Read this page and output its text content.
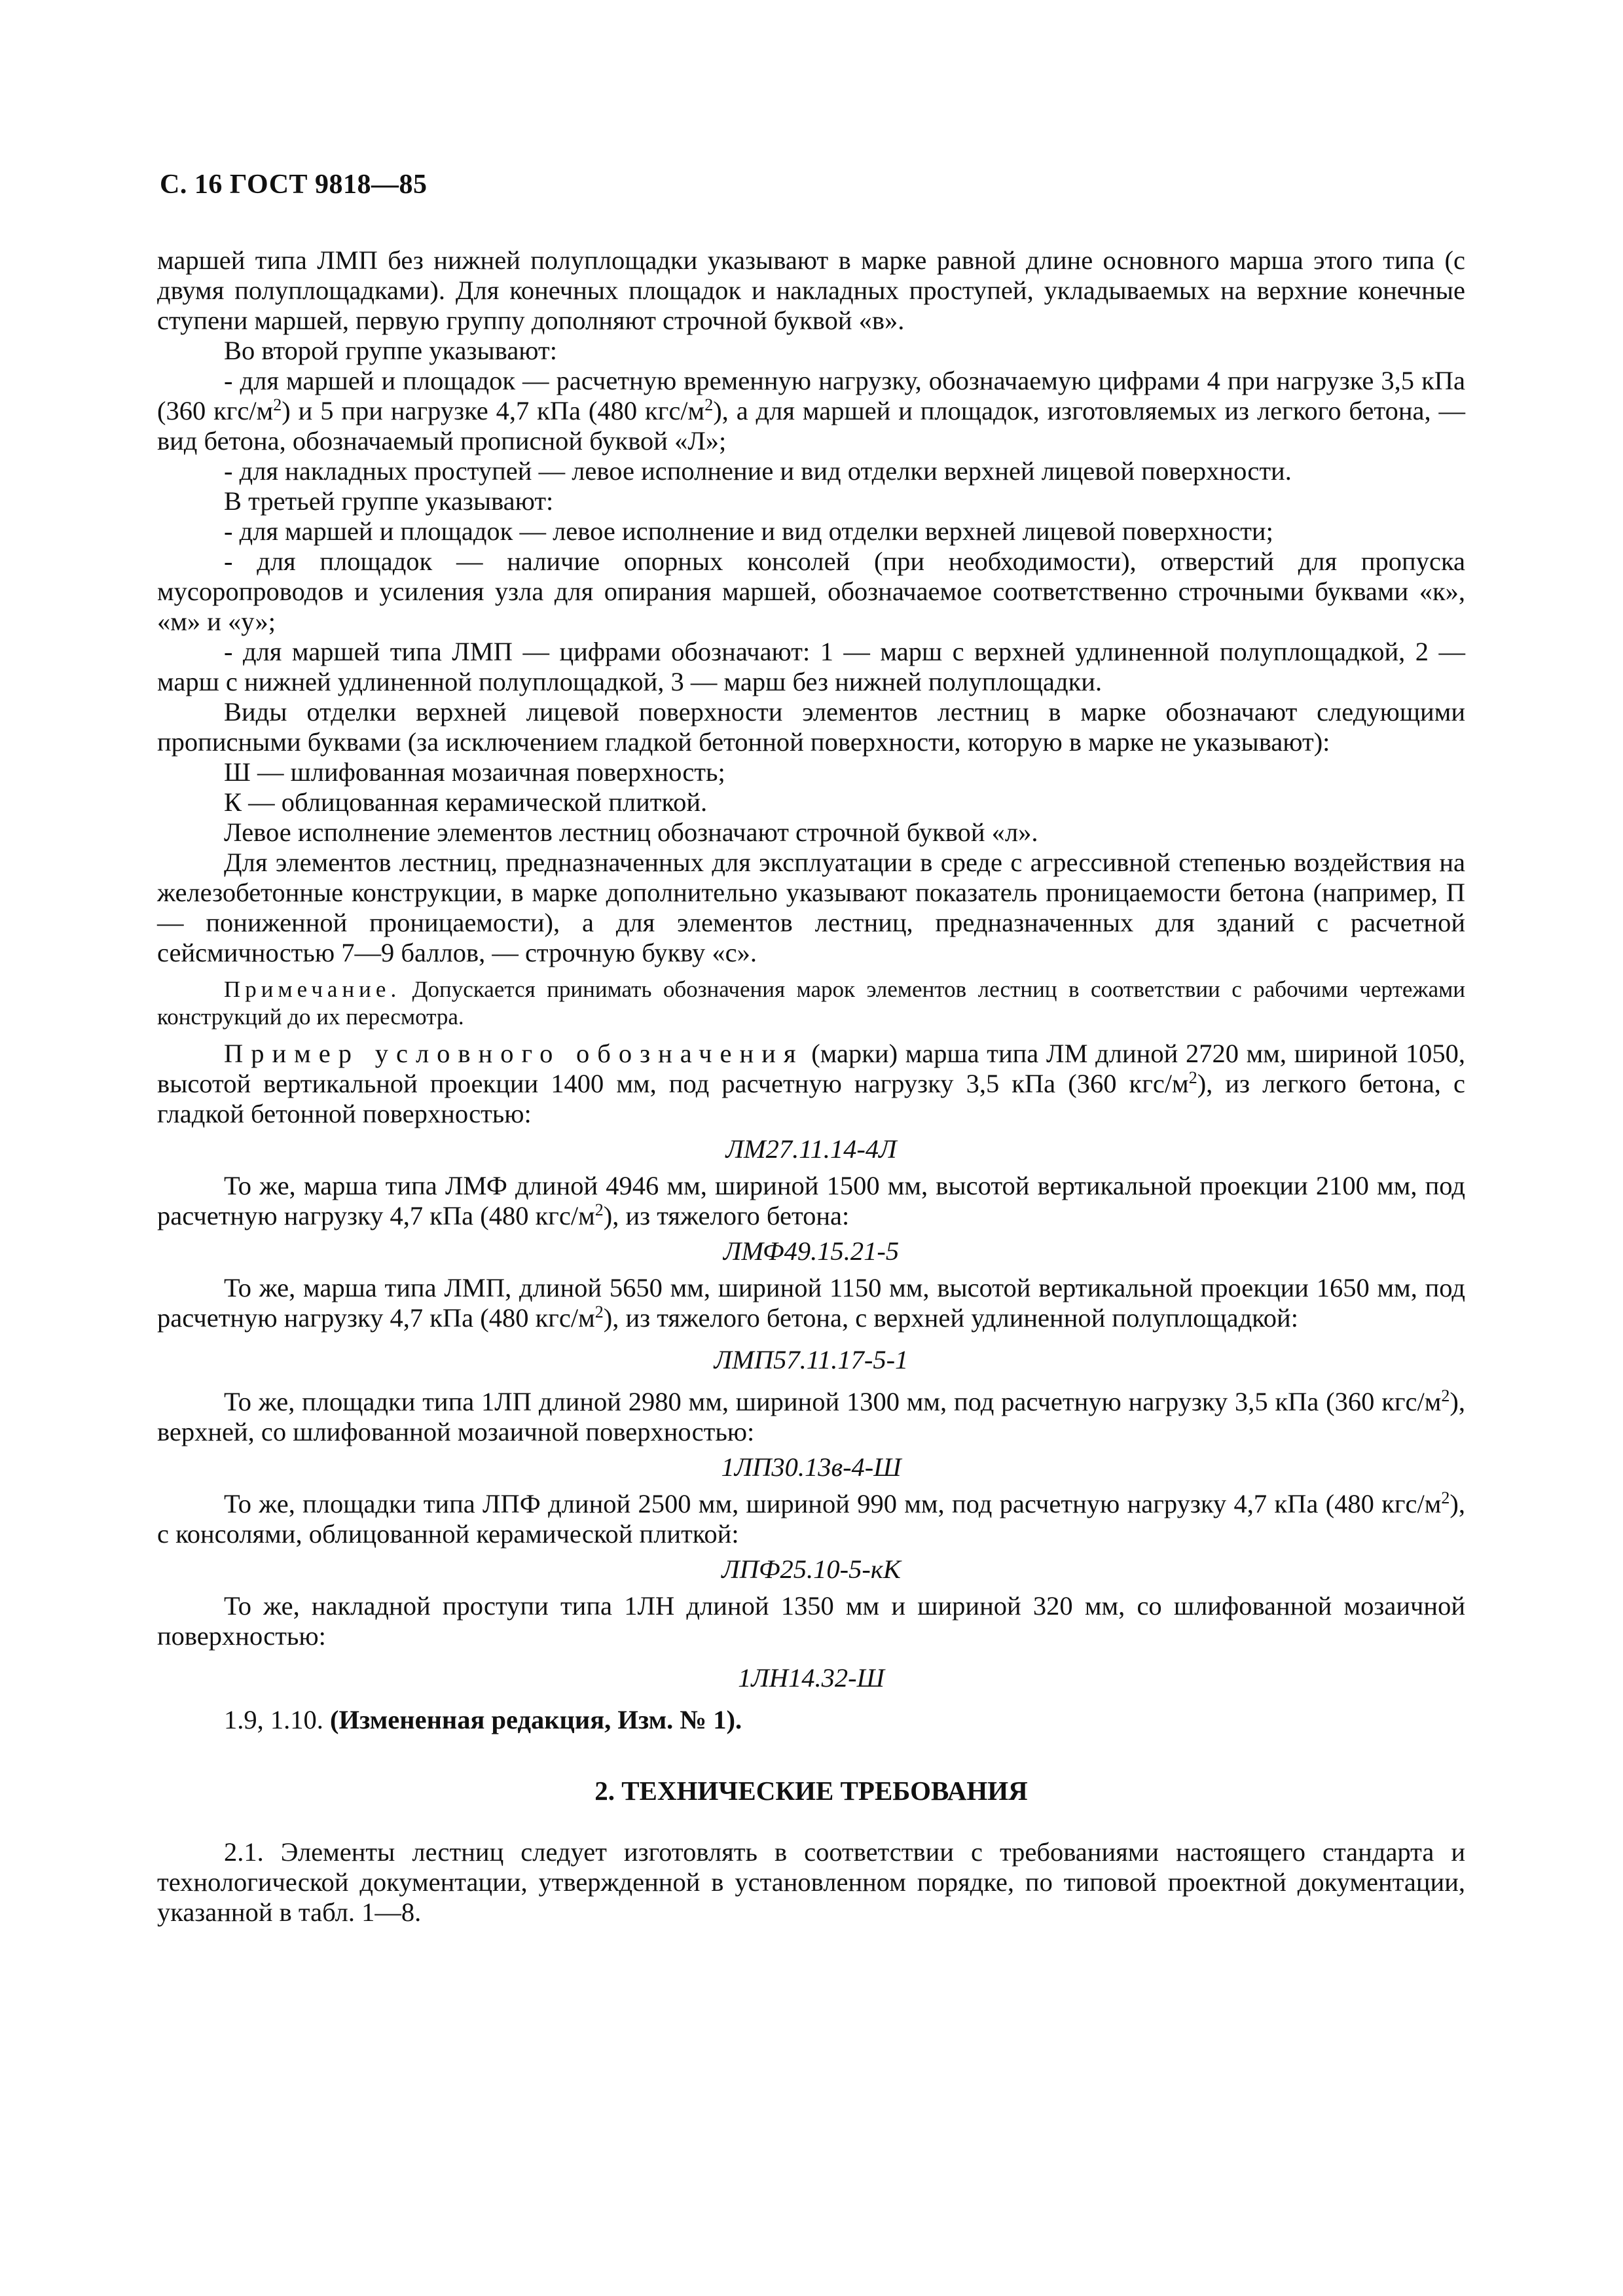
С. 16 ГОСТ 9818—85

маршей типа ЛМП без нижней полуплощадки указывают в марке равной длине основного марша этого типа (с двумя полуплощадками). Для конечных площадок и накладных проступей, укладываемых на верхние конечные ступени маршей, первую группу дополняют строчной буквой «в».

Во второй группе указывают:

- для маршей и площадок — расчетную временную нагрузку, обозначаемую цифрами 4 при нагрузке 3,5 кПа (360 кгс/$м^2$) и 5 при нагрузке 4,7 кПа (480 кгс/$м^2$), а для маршей и площадок, изготовляемых из легкого бетона, — вид бетона, обозначаемый прописной буквой «Л»;

- для накладных проступей — левое исполнение и вид отделки верхней лицевой поверхности.

В третьей группе указывают:

- для маршей и площадок — левое исполнение и вид отделки верхней лицевой поверхности;

- для площадок — наличие опорных консолей (при необходимости), отверстий для пропуска мусоропроводов и усиления узла для опирания маршей, обозначаемое соответственно строчными буквами «к», «м» и «у»;

- для маршей типа ЛМП — цифрами обозначают: 1 — марш с верхней удлиненной полуплощадкой, 2 — марш с нижней удлиненной полуплощадкой, 3 — марш без нижней полуплощадки.

Виды отделки верхней лицевой поверхности элементов лестниц в марке обозначают следующими прописными буквами (за исключением гладкой бетонной поверхности, которую в марке не указывают):

Ш — шлифованная мозаичная поверхность;

К — облицованная керамической плиткой.

Левое исполнение элементов лестниц обозначают строчной буквой «л».

Для элементов лестниц, предназначенных для эксплуатации в среде с агрессивной степенью воздействия на железобетонные конструкции, в марке дополнительно указывают показатель проницаемости бетона (например, П — пониженной проницаемости), а для элементов лестниц, предназначенных для зданий с расчетной сейсмичностью 7—9 баллов, — строчную букву «с».

Примечание. Допускается принимать обозначения марок элементов лестниц в соответствии с рабочими чертежами конструкций до их пересмотра.

Пример условного обозначения (марки) марша типа ЛМ длиной 2720 мм, шириной 1050, высотой вертикальной проекции 1400 мм, под расчетную нагрузку 3,5 кПа (360 кгс/$м^2$), из легкого бетона, с гладкой бетонной поверхностью:

ЛМ27.11.14-4Л

То же, марша типа ЛМФ длиной 4946 мм, шириной 1500 мм, высотой вертикальной проекции 2100 мм, под расчетную нагрузку 4,7 кПа (480 кгс/$м^2$), из тяжелого бетона:

ЛМФ49.15.21-5

То же, марша типа ЛМП, длиной 5650 мм, шириной 1150 мм, высотой вертикальной проекции 1650 мм, под расчетную нагрузку 4,7 кПа (480 кгс/$м^2$), из тяжелого бетона, с верхней удлиненной полуплощадкой:

ЛМП57.11.17-5-1

То же, площадки типа 1ЛП длиной 2980 мм, шириной 1300 мм, под расчетную нагрузку 3,5 кПа (360 кгс/$м^2$), верхней, со шлифованной мозаичной поверхностью:

1ЛП30.13в-4-Ш

То же, площадки типа ЛПФ длиной 2500 мм, шириной 990 мм, под расчетную нагрузку 4,7 кПа (480 кгс/$м^2$), с консолями, облицованной керамической плиткой:

ЛПФ25.10-5-кК

То же, накладной проступи типа 1ЛН длиной 1350 мм и шириной 320 мм, со шлифованной мозаичной поверхностью:

1ЛН14.32-Ш

1.9, 1.10. (Измененная редакция, Изм. № 1).

2. ТЕХНИЧЕСКИЕ ТРЕБОВАНИЯ

2.1. Элементы лестниц следует изготовлять в соответствии с требованиями настоящего стандарта и технологической документации, утвержденной в установленном порядке, по типовой проектной документации, указанной в табл. 1—8.
